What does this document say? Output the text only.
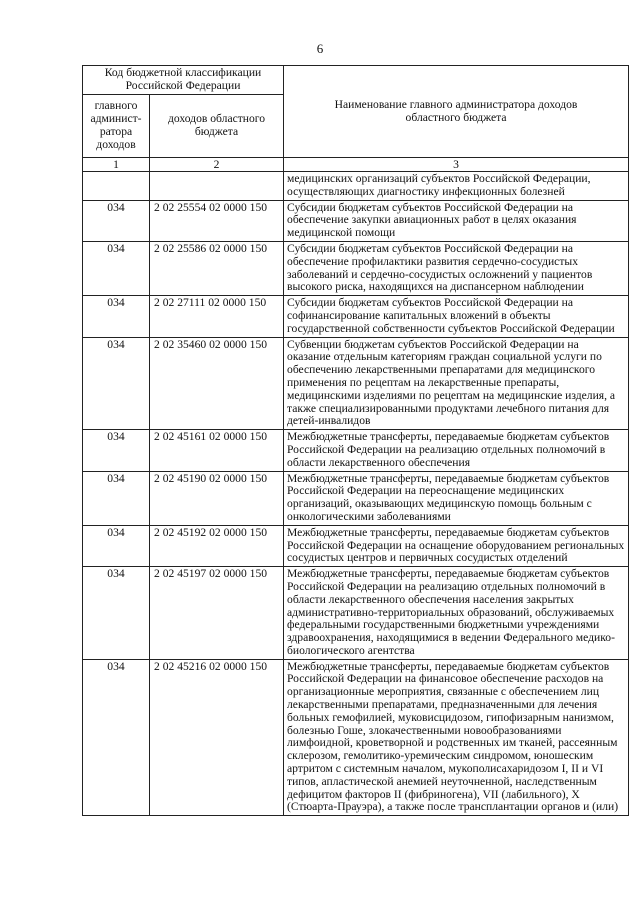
6
Код бюджетной классификации Российской Федерации		Наименование главного администратора доходов областного бюджета

главного админист-ратора доходов	доходов областного бюджета	

1	2	3
		медицинских организаций субъектов Российской Федерации, осуществляющих диагностику инфекционных болезней
034	2 02 25554 02 0000 150	Субсидии бюджетам субъектов Российской Федерации на обеспечение закупки авиационных работ в целях оказания медицинской помощи
034	2 02 25586 02 0000 150	Субсидии бюджетам субъектов Российской Федерации на обеспечение профилактики развития сердечно-сосудистых заболеваний и сердечно-сосудистых осложнений у пациентов высокого риска, находящихся на диспансерном наблюдении
034	2 02 27111 02 0000 150	Субсидии бюджетам субъектов Российской Федерации на софинансирование капитальных вложений в объекты государственной собственности субъектов Российской Федерации
034	2 02 35460 02 0000 150	Субвенции бюджетам субъектов Российской Федерации на оказание отдельным категориям граждан социальной услуги по обеспечению лекарственными препаратами для медицинского применения по рецептам на лекарственные препараты, медицинскими изделиями по рецептам на медицинские изделия, а также специализированными продуктами лечебного питания для детей-инвалидов
034	2 02 45161 02 0000 150	Межбюджетные трансферты, передаваемые бюджетам субъектов Российской Федерации на реализацию отдельных полномочий в области лекарственного обеспечения
034	2 02 45190 02 0000 150	Межбюджетные трансферты, передаваемые бюджетам субъектов Российской Федерации на переоснащение медицинских организаций, оказывающих медицинскую помощь больным с онкологическими заболеваниями
034	2 02 45192 02 0000 150	Межбюджетные трансферты, передаваемые бюджетам субъектов Российской Федерации на оснащение оборудованием региональных сосудистых центров и первичных сосудистых отделений
034	2 02 45197 02 0000 150	Межбюджетные трансферты, передаваемые бюджетам субъектов Российской Федерации на реализацию отдельных полномочий в области лекарственного обеспечения населения закрытых административно-территориальных образований, обслуживаемых федеральными государственными бюджетными учреждениями здравоохранения, находящимися в ведении Федерального медико-биологического агентства
034	2 02 45216 02 0000 150	Межбюджетные трансферты, передаваемые бюджетам субъектов Российской Федерации на финансовое обеспечение расходов на организационные мероприятия, связанные с обеспечением лиц лекарственными препаратами, предназначенными для лечения больных гемофилией, муковисцидозом, гипофизарным нанизмом, болезнью Гоше, злокачественными новообразованиями лимфоидной, кроветворной и родственных им тканей, рассеянным склерозом, гемолитико-уремическим синдромом, юношеским артритом с системным началом, мукополисахаридозом I, II и VI типов, апластической анемией неуточненной, наследственным дефицитом факторов II (фибриногена), VII (лабильного), X (Стюарта-Прауэра), а также после трансплантации органов и (или)
